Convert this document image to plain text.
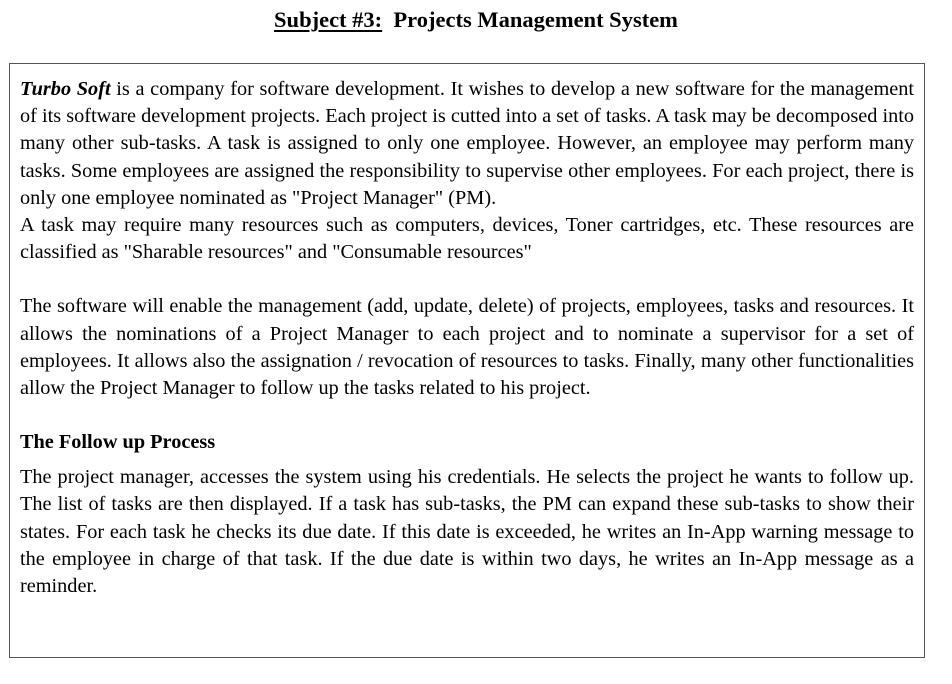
Subject #3: Projects Management System

Turbo Soft is a company for software development. It wishes to develop a new software for the management of its software development projects. Each project is cutted into a set of tasks. A task may be decomposed into many other sub-tasks. A task is assigned to only one employee. However, an employee may perform many tasks. Some employees are assigned the responsibility to supervise other employees. For each project, there is only one employee nominated as "Project Manager" (PM).

A task may require many resources such as computers, devices, Toner cartridges, etc. These resources are classified as "Sharable resources" and "Consumable resources"

The software will enable the management (add, update, delete) of projects, employees, tasks and resources. It allows the nominations of a Project Manager to each project and to nominate a supervisor for a set of employees. It allows also the assignation / revocation of resources to tasks. Finally, many other functionalities allow the Project Manager to follow up the tasks related to his project.

The Follow up Process

The project manager, accesses the system using his credentials. He selects the project he wants to follow up. The list of tasks are then displayed. If a task has sub-tasks, the PM can expand these sub-tasks to show their states. For each task he checks its due date. If this date is exceeded, he writes an In-App warning message to the employee in charge of that task. If the due date is within two days, he writes an In-App message as a reminder.
